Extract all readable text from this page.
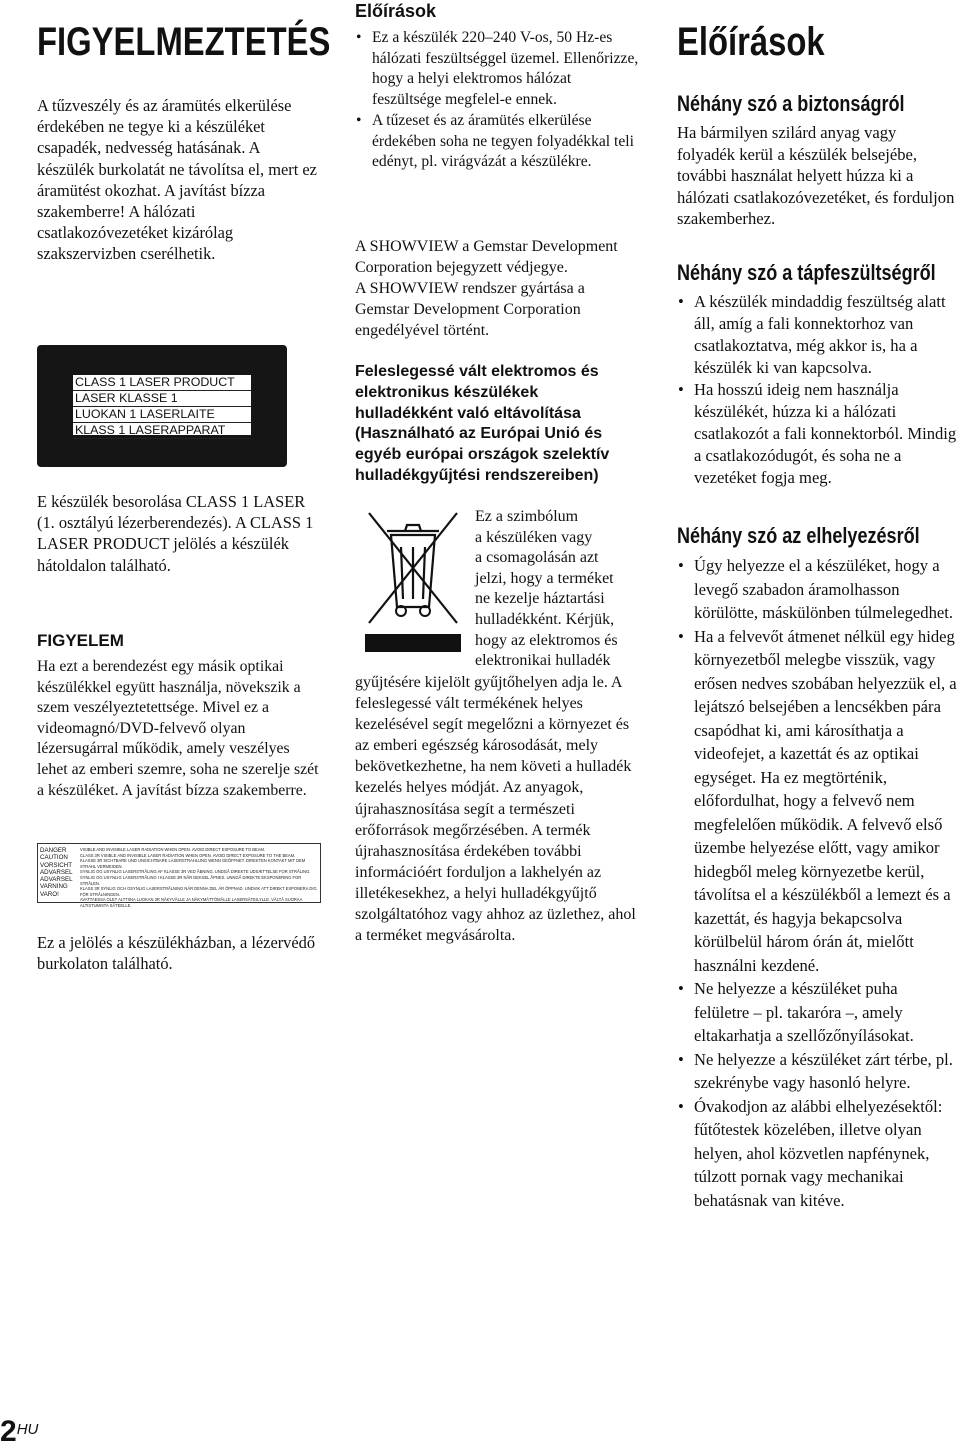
FIGYELMEZTETÉS

A tűzveszély és az áramütés elkerülése érdekében ne tegye ki a készüléket csapadék, nedvesség hatásának. A készülék burkolatát ne távolítsa el, mert ez áramütést okozhat. A javítást bízza szakemberre! A hálózati csatlakozóvezetéket kizárólag szakszervizben cserélhetik.

CLASS 1 LASER PRODUCT
LASER KLASSE 1
LUOKAN 1 LASERLAITE
KLASS 1 LASERAPPARAT

E készülék besorolása CLASS 1 LASER (1. osztályú lézerberendezés). A CLASS 1 LASER PRODUCT jelölés a készülék hátoldalon található.

FIGYELEM

Ha ezt a berendezést egy másik optikai készülékkel együtt használja, növekszik a szem veszélyeztetettsége. Mivel ez a videomagnó/DVD-felvevő olyan lézersugárral működik, amely veszélyes lehet az emberi szemre, soha ne szerelje szét a készüléket. A javítást bízza szakemberre.

DANGER
CAUTION
VORSICHT
ADVARSEL
ADVARSEL
VARNING
VARO!
VISIBLE AND INVISIBLE LASER RADIATION WHEN OPEN. AVOID DIRECT EXPOSURE TO BEAM.
CLASS 3R VISIBLE AND INVISIBLE LASER RADIATION WHEN OPEN. AVOID DIRECT EXPOSURE TO THE BEAM.
KLASSE 3R SICHTBARE UND UNSICHTBARE LASERSTRAHLUNG WENN GEÖFFNET. DIREKTEN KONTAKT MIT DEM STRAHL VERMEIDEN.
SYNLIG OG USYNLIG LASERSTRÅLING AF KLASSE 3R VED ÅBNING. UNDGÅ DIREKTE UDSÆTTELSE FOR STRÅLING.
SYNLIG OG USYNLIG LASERSTRÅLING I KLASSE 3R NÅR DEKSEL ÅPNES. UNNGÅ DIREKTE EKSPONERING FOR STRÅLEN.
KLASS 3R SYNLIG OCH OSYNLIG LASERSTRÅLNING NÄR DENNA DEL ÄR ÖPPNAD. UNDVIK ATT DIREKT EXPONERA DIG FÖR STRÅLNINGEN.
AVATTAESSA OLET ALTTIINA LUOKAN 3R NÄKYVÄLLE JA NÄKYMÄTTÖMÄLLE LASERSÄTEILYLLE. VÄLTÄ SUORAA ALTISTUMISTA SÄTEELLE.

Ez a jelölés a készülékházban, a lézervédő burkolaton található.

Előírások
• Ez a készülék 220–240 V-os, 50 Hz-es hálózati feszültséggel üzemel. Ellenőrizze, hogy a helyi elektromos hálózat feszültsége megfelel-e ennek.
• A tűzeset és az áramütés elkerülése érdekében soha ne tegyen folyadékkal teli edényt, pl. virágvázát a készülékre.

A SHOWVIEW a Gemstar Development Corporation bejegyzett védjegye.

A SHOWVIEW rendszer gyártása a Gemstar Development Corporation engedélyével történt.

Feleslegessé vált elektromos és elektronikus készülékek hulladékként való eltávolítása (Használható az Európai Unió és egyéb európai országok szelektív hulladékgyűjtési rendszereiben)
Ez a szimbólum
a készüléken vagy
a csomagolásán azt
jelzi, hogy a terméket
ne kezelje háztartási
hulladékként. Kérjük,
hogy az elektromos és
elektronikai hulladék

gyűjtésére kijelölt gyűjtőhelyen adja le. A feleslegessé vált termékének helyes kezelésével segít megelőzni a környezet és az emberi egészség károsodását, mely bekövetkezhetne, ha nem követi a hulladék kezelés helyes módját. Az anyagok, újrahasznosítása segít a természeti erőforrások megőrzésében. A termék újrahasznosítása érdekében további információért forduljon a lakhelyén az illetékesekhez, a helyi hulladékgyűjtő szolgáltatóhoz vagy ahhoz az üzlethez, ahol a terméket megvásárolta.

Előírások
Néhány szó a biztonságról

Ha bármilyen szilárd anyag vagy folyadék kerül a készülék belsejébe, további használat helyett húzza ki a hálózati csatlakozóvezetéket, és forduljon szakemberhez.

Néhány szó a tápfeszültségről
• A készülék mindaddig feszültség alatt áll, amíg a fali konnektorhoz van csatlakoztatva, még akkor is, ha a készülék ki van kapcsolva.
• Ha hosszú ideig nem használja készülékét, húzza ki a hálózati csatlakozót a fali konnektorból. Mindig a csatlakozódugót, és soha ne a vezetéket fogja meg.
Néhány szó az elhelyezésről
• Úgy helyezze el a készüléket, hogy a levegő szabadon áramolhasson körülötte, máskülönben túlmelegedhet.
• Ha a felvevőt átmenet nélkül egy hideg környezetből melegbe visszük, vagy erősen nedves szobában helyezzük el, a lejátszó belsejében a lencsékben pára csapódhat ki, ami károsíthatja a videofejet, a kazettát és az optikai egységet. Ha ez megtörténik, előfordulhat, hogy a felvevő nem megfelelően működik. A felvevő első üzembe helyezése előtt, vagy amikor hidegből meleg környezetbe kerül, távolítsa el a készülékből a lemezt és a kazettát, és hagyja bekapcsolva körülbelül három órán át, mielőtt használni kezdené.
• Ne helyezze a készüléket puha felületre – pl. takaróra –, amely eltakarhatja a szellőzőnyílásokat.
• Ne helyezze a készüléket zárt térbe, pl. szekrénybe vagy hasonló helyre.
• Óvakodjon az alábbi elhelyezésektől: fűtőtestek közelében, illetve olyan helyen, ahol közvetlen napfénynek, túlzott pornak vagy mechanikai behatásnak van kitéve.
2HU
